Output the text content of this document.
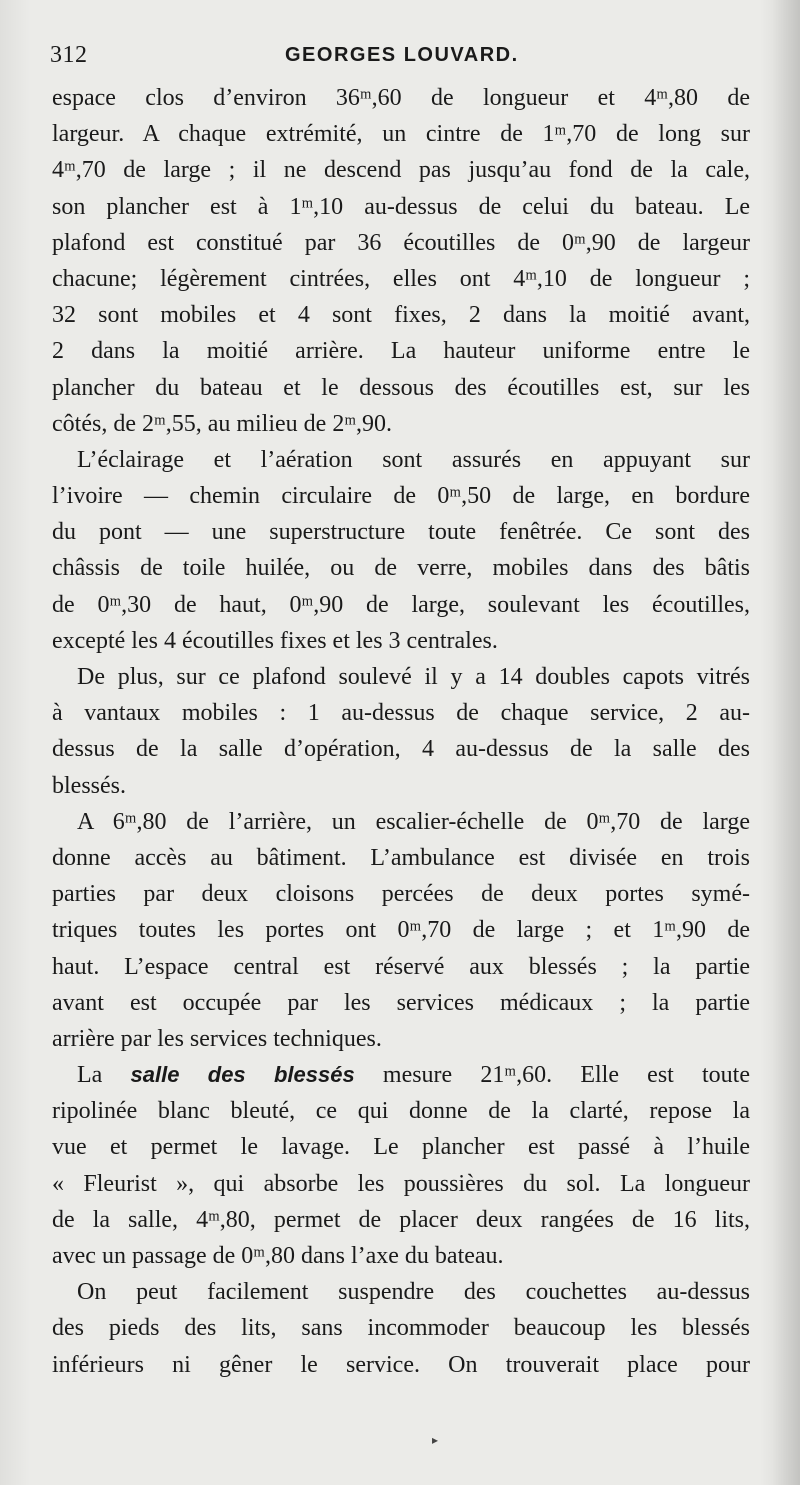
312	GEORGES LOUVARD.
espace clos d’environ 36ᵐ,60 de longueur et 4ᵐ,80 de
largeur. A chaque extrémité, un cintre de 1ᵐ,70 de long sur
4ᵐ,70 de large ; il ne descend pas jusqu’au fond de la cale,
son plancher est à 1ᵐ,10 au-dessus de celui du bateau. Le
plafond est constitué par 36 écoutilles de 0ᵐ,90 de largeur
chacune; légèrement cintrées, elles ont 4ᵐ,10 de longueur ;
32 sont mobiles et 4 sont fixes, 2 dans la moitié avant,
2 dans la moitié arrière. La hauteur uniforme entre le
plancher du bateau et le dessous des écoutilles est, sur les
côtés, de 2ᵐ,55, au milieu de 2ᵐ,90.
L’éclairage et l’aération sont assurés en appuyant sur
l’ivoire — chemin circulaire de 0ᵐ,50 de large, en bordure
du pont — une superstructure toute fenêtrée. Ce sont des
châssis de toile huilée, ou de verre, mobiles dans des bâtis
de 0ᵐ,30 de haut, 0ᵐ,90 de large, soulevant les écoutilles,
excepté les 4 écoutilles fixes et les 3 centrales.
De plus, sur ce plafond soulevé il y a 14 doubles capots vitrés
à vantaux mobiles : 1 au-dessus de chaque service, 2 au-
dessus de la salle d’opération, 4 au-dessus de la salle des
blessés.
A 6ᵐ,80 de l’arrière, un escalier-échelle de 0ᵐ,70 de large
donne accès au bâtiment. L’ambulance est divisée en trois
parties par deux cloisons percées de deux portes symé-
triques toutes les portes ont 0ᵐ,70 de large ; et 1ᵐ,90 de
haut. L’espace central est réservé aux blessés ; la partie
avant est occupée par les services médicaux ; la partie
arrière par les services techniques.
La salle des blessés mesure 21ᵐ,60. Elle est toute
ripolinée blanc bleuté, ce qui donne de la clarté, repose la
vue et permet le lavage. Le plancher est passé à l’huile
« Fleurist », qui absorbe les poussières du sol. La longueur
de la salle, 4ᵐ,80, permet de placer deux rangées de 16 lits,
avec un passage de 0ᵐ,80 dans l’axe du bateau.
On peut facilement suspendre des couchettes au-dessus
des pieds des lits, sans incommoder beaucoup les blessés
inférieurs ni gêner le service. On trouverait place pour
▸
